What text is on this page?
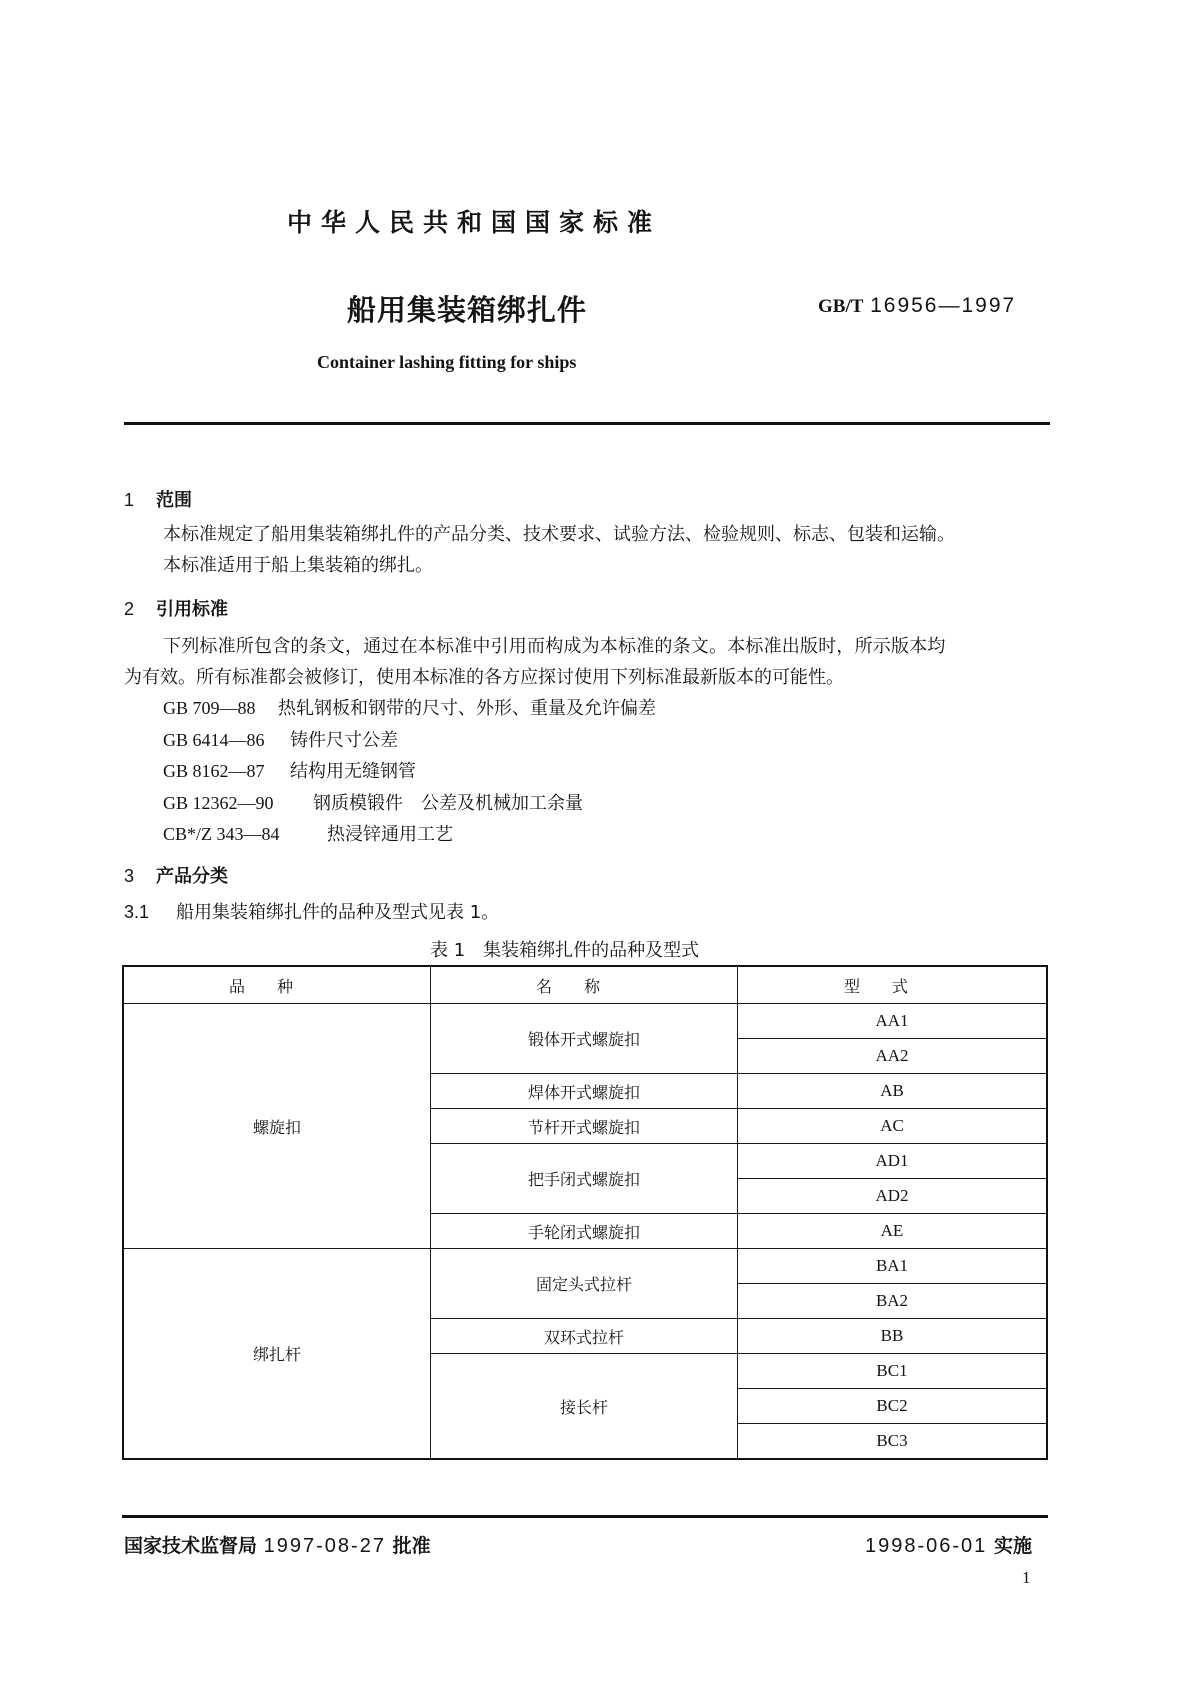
中华人民共和国国家标准
船用集装箱绑扎件	GB/T 16956—1997
Container lashing fitting for ships
1 范围
本标准规定了船用集装箱绑扎件的产品分类、技术要求、试验方法、检验规则、标志、包装和运输。
本标准适用于船上集装箱的绑扎。
2 引用标准
下列标准所包含的条文，通过在本标准中引用而构成为本标准的条文。本标准出版时，所示版本均
为有效。所有标准都会被修订，使用本标准的各方应探讨使用下列标准最新版本的可能性。
GB 709—88 热轧钢板和钢带的尺寸、外形、重量及允许偏差
GB 6414—86 铸件尺寸公差
GB 8162—87 结构用无缝钢管
GB 12362—90 钢质模锻件　公差及机械加工余量
CB*/Z 343—84	热浸锌通用工艺
3 产品分类
3.1 船用集装箱绑扎件的品种及型式见表 1。
表 1　集装箱绑扎件的品种及型式
品种	名称	型式
螺旋扣	锻体开式螺旋扣	AA1
		AA2
	焊体开式螺旋扣	AB
	节杆开式螺旋扣	AC
	把手闭式螺旋扣	AD1
		AD2
	手轮闭式螺旋扣	AE
绑扎杆	固定头式拉杆	BA1
		BA2
	双环式拉杆	BB
	接长杆	BC1
		BC2
		BC3
国家技术监督局 1997-08-27 批准	1998-06-01 实施
1
